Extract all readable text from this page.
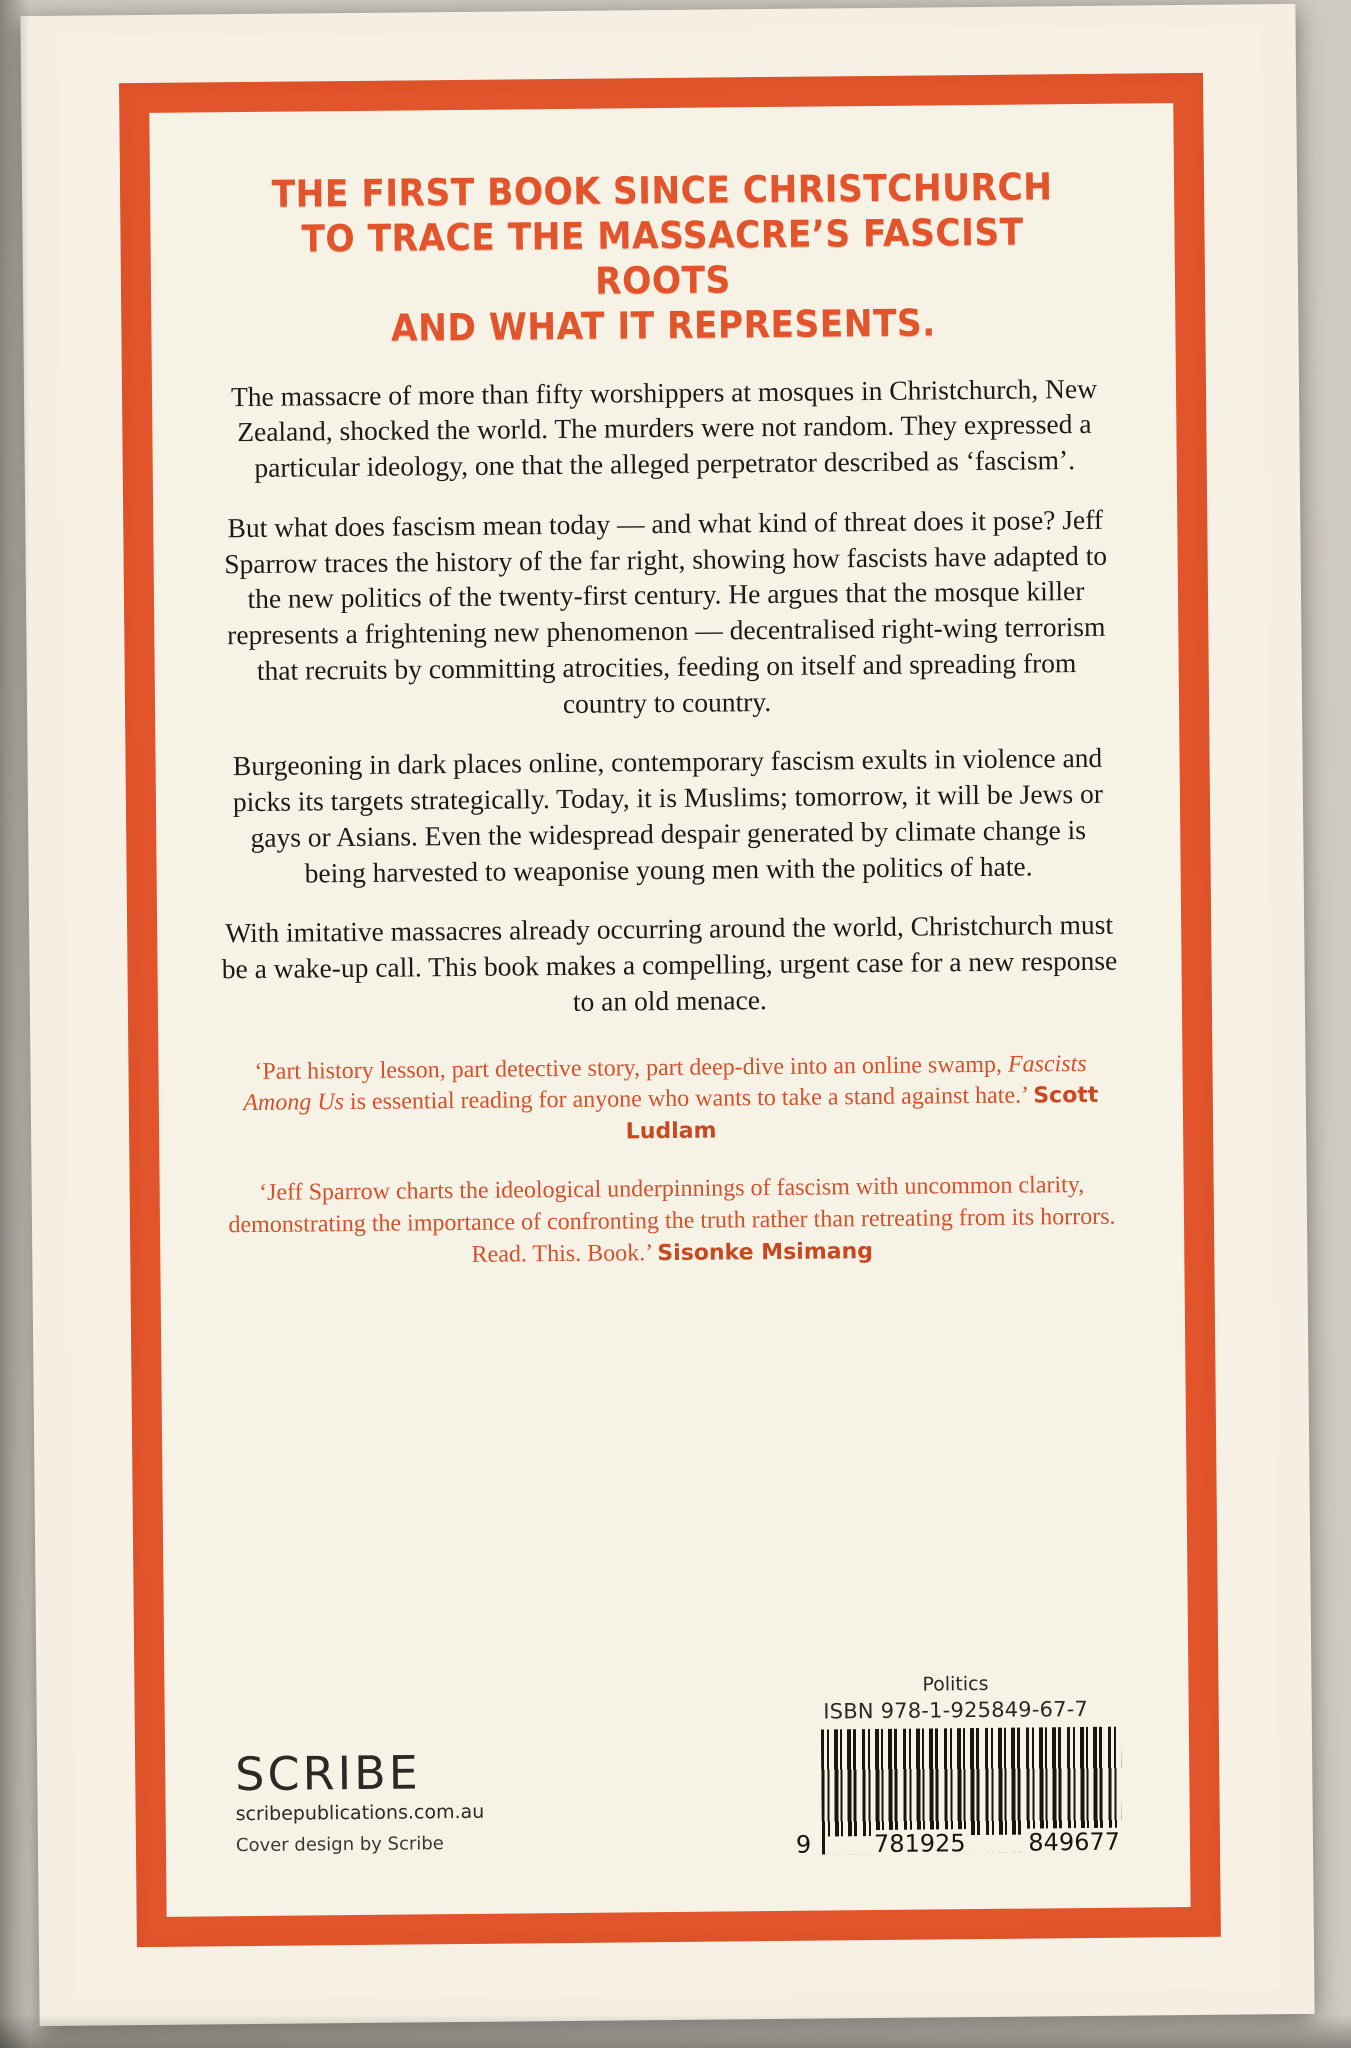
THE FIRST BOOK SINCE CHRISTCHURCH
TO TRACE THE MASSACRE’S FASCIST ROOTS
AND WHAT IT REPRESENTS.

The massacre of more than fifty worshippers at mosques in Christchurch, New Zealand, shocked the world. The murders were not random. They expressed a particular ideology, one that the alleged perpetrator described as ‘fascism’.

But what does fascism mean today — and what kind of threat does it pose? Jeff Sparrow traces the history of the far right, showing how fascists have adapted to the new politics of the twenty-first century. He argues that the mosque killer represents a frightening new phenomenon — decentralised right-wing terrorism that recruits by committing atrocities, feeding on itself and spreading from country to country.

Burgeoning in dark places online, contemporary fascism exults in violence and picks its targets strategically. Today, it is Muslims; tomorrow, it will be Jews or gays or Asians. Even the widespread despair generated by climate change is being harvested to weaponise young men with the politics of hate.

With imitative massacres already occurring around the world, Christchurch must be a wake-up call. This book makes a compelling, urgent case for a new response to an old menace.

‘Part history lesson, part detective story, part deep-dive into an online swamp, Fascists Among Us is essential reading for anyone who wants to take a stand against hate.’ Scott Ludlam

‘Jeff Sparrow charts the ideological underpinnings of fascism with uncommon clarity, demonstrating the importance of confronting the truth rather than retreating from its horrors. Read. This. Book.’ Sisonke Msimang

SCRIBE
scribepublications.com.au
Cover design by Scribe
Politics
ISBN 978-1-925849-67-7
9	781925	849677
